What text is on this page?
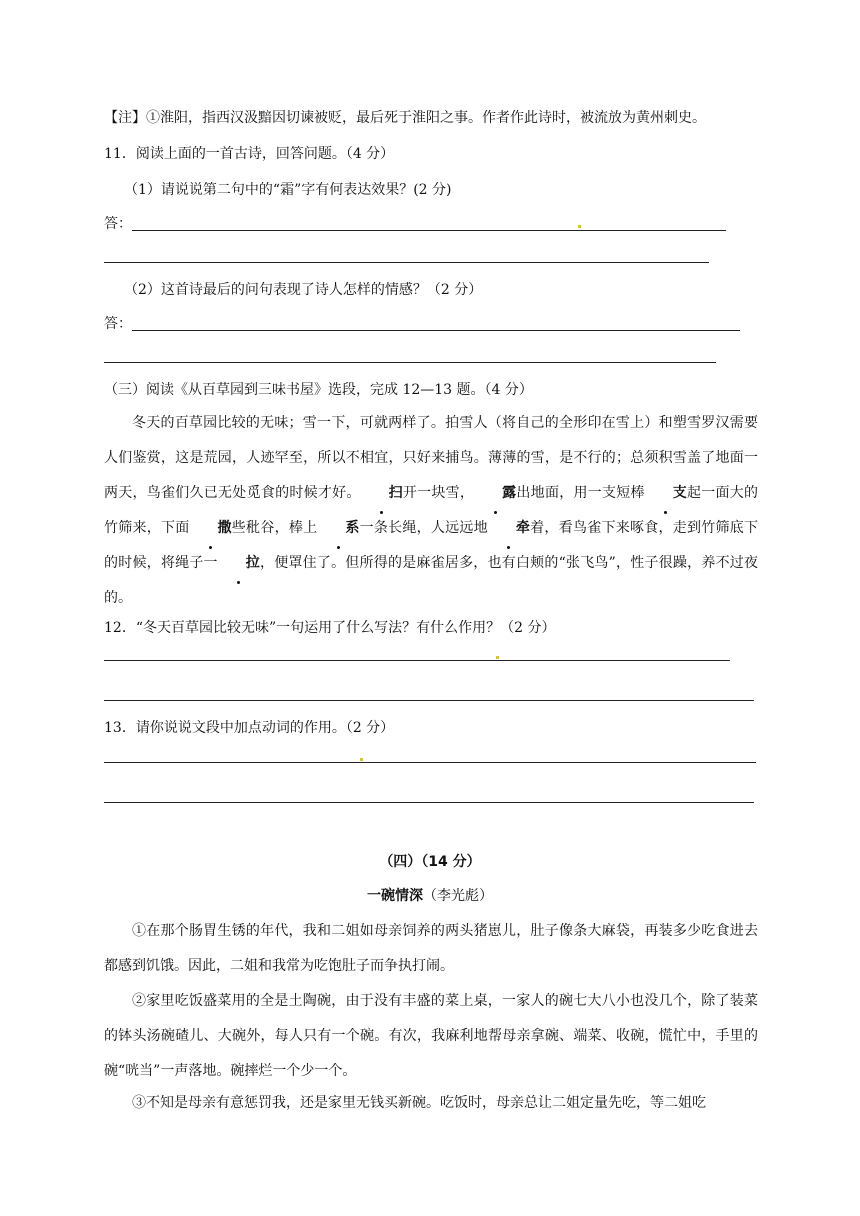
【注】①淮阳，指西汉汲黯因切谏被贬，最后死于淮阳之事。作者作此诗时，被流放为黄州刺史。
11．阅读上面的一首古诗，回答问题。（4 分）
（1）请说说第二句中的“霜”字有何表达效果？(2 分)
答：
（2）这首诗最后的问句表现了诗人怎样的情感？（2 分）
答：
（三）阅读《从百草园到三味书屋》选段，完成 12—13 题。（4 分）
冬天的百草园比较的无味；雪一下，可就两样了。拍雪人（将自己的全形印在雪上）和塑雪罗汉需要人们鉴赏，这是荒园，人迹罕至，所以不相宜，只好来捕鸟。薄薄的雪，是不行的；总须积雪盖了地面一两天，鸟雀们久已无处觅食的时候才好。 扫开一块雪， 露出地面，用一支短棒 支起一面大的竹筛来，下面 撒些秕谷，棒上 系一条长绳，人远远地 牵着，看鸟雀下来啄食，走到竹筛底下的时候，将绳子一 拉，便罩住了。但所得的是麻雀居多，也有白颊的“张飞鸟”，性子很躁，养不过夜的。
12．“冬天百草园比较无味”一句运用了什么写法？有什么作用？（2 分）
13．请你说说文段中加点动词的作用。（2 分）
（四）（14 分）
一碗情深（李光彪）
①在那个肠胃生锈的年代，我和二姐如母亲饲养的两头猪崽儿，肚子像条大麻袋，再装多少吃食进去都感到饥饿。因此，二姐和我常为吃饱肚子而争执打闹。
②家里吃饭盛菜用的全是土陶碗，由于没有丰盛的菜上桌，一家人的碗七大八小也没几个，除了装菜的钵头汤碗碴儿、大碗外，每人只有一个碗。有次，我麻利地帮母亲拿碗、端菜、收碗，慌忙中，手里的碗“咣当”一声落地。碗摔烂一个少一个。
③不知是母亲有意惩罚我，还是家里无钱买新碗。吃饭时，母亲总让二姐定量先吃，等二姐吃
